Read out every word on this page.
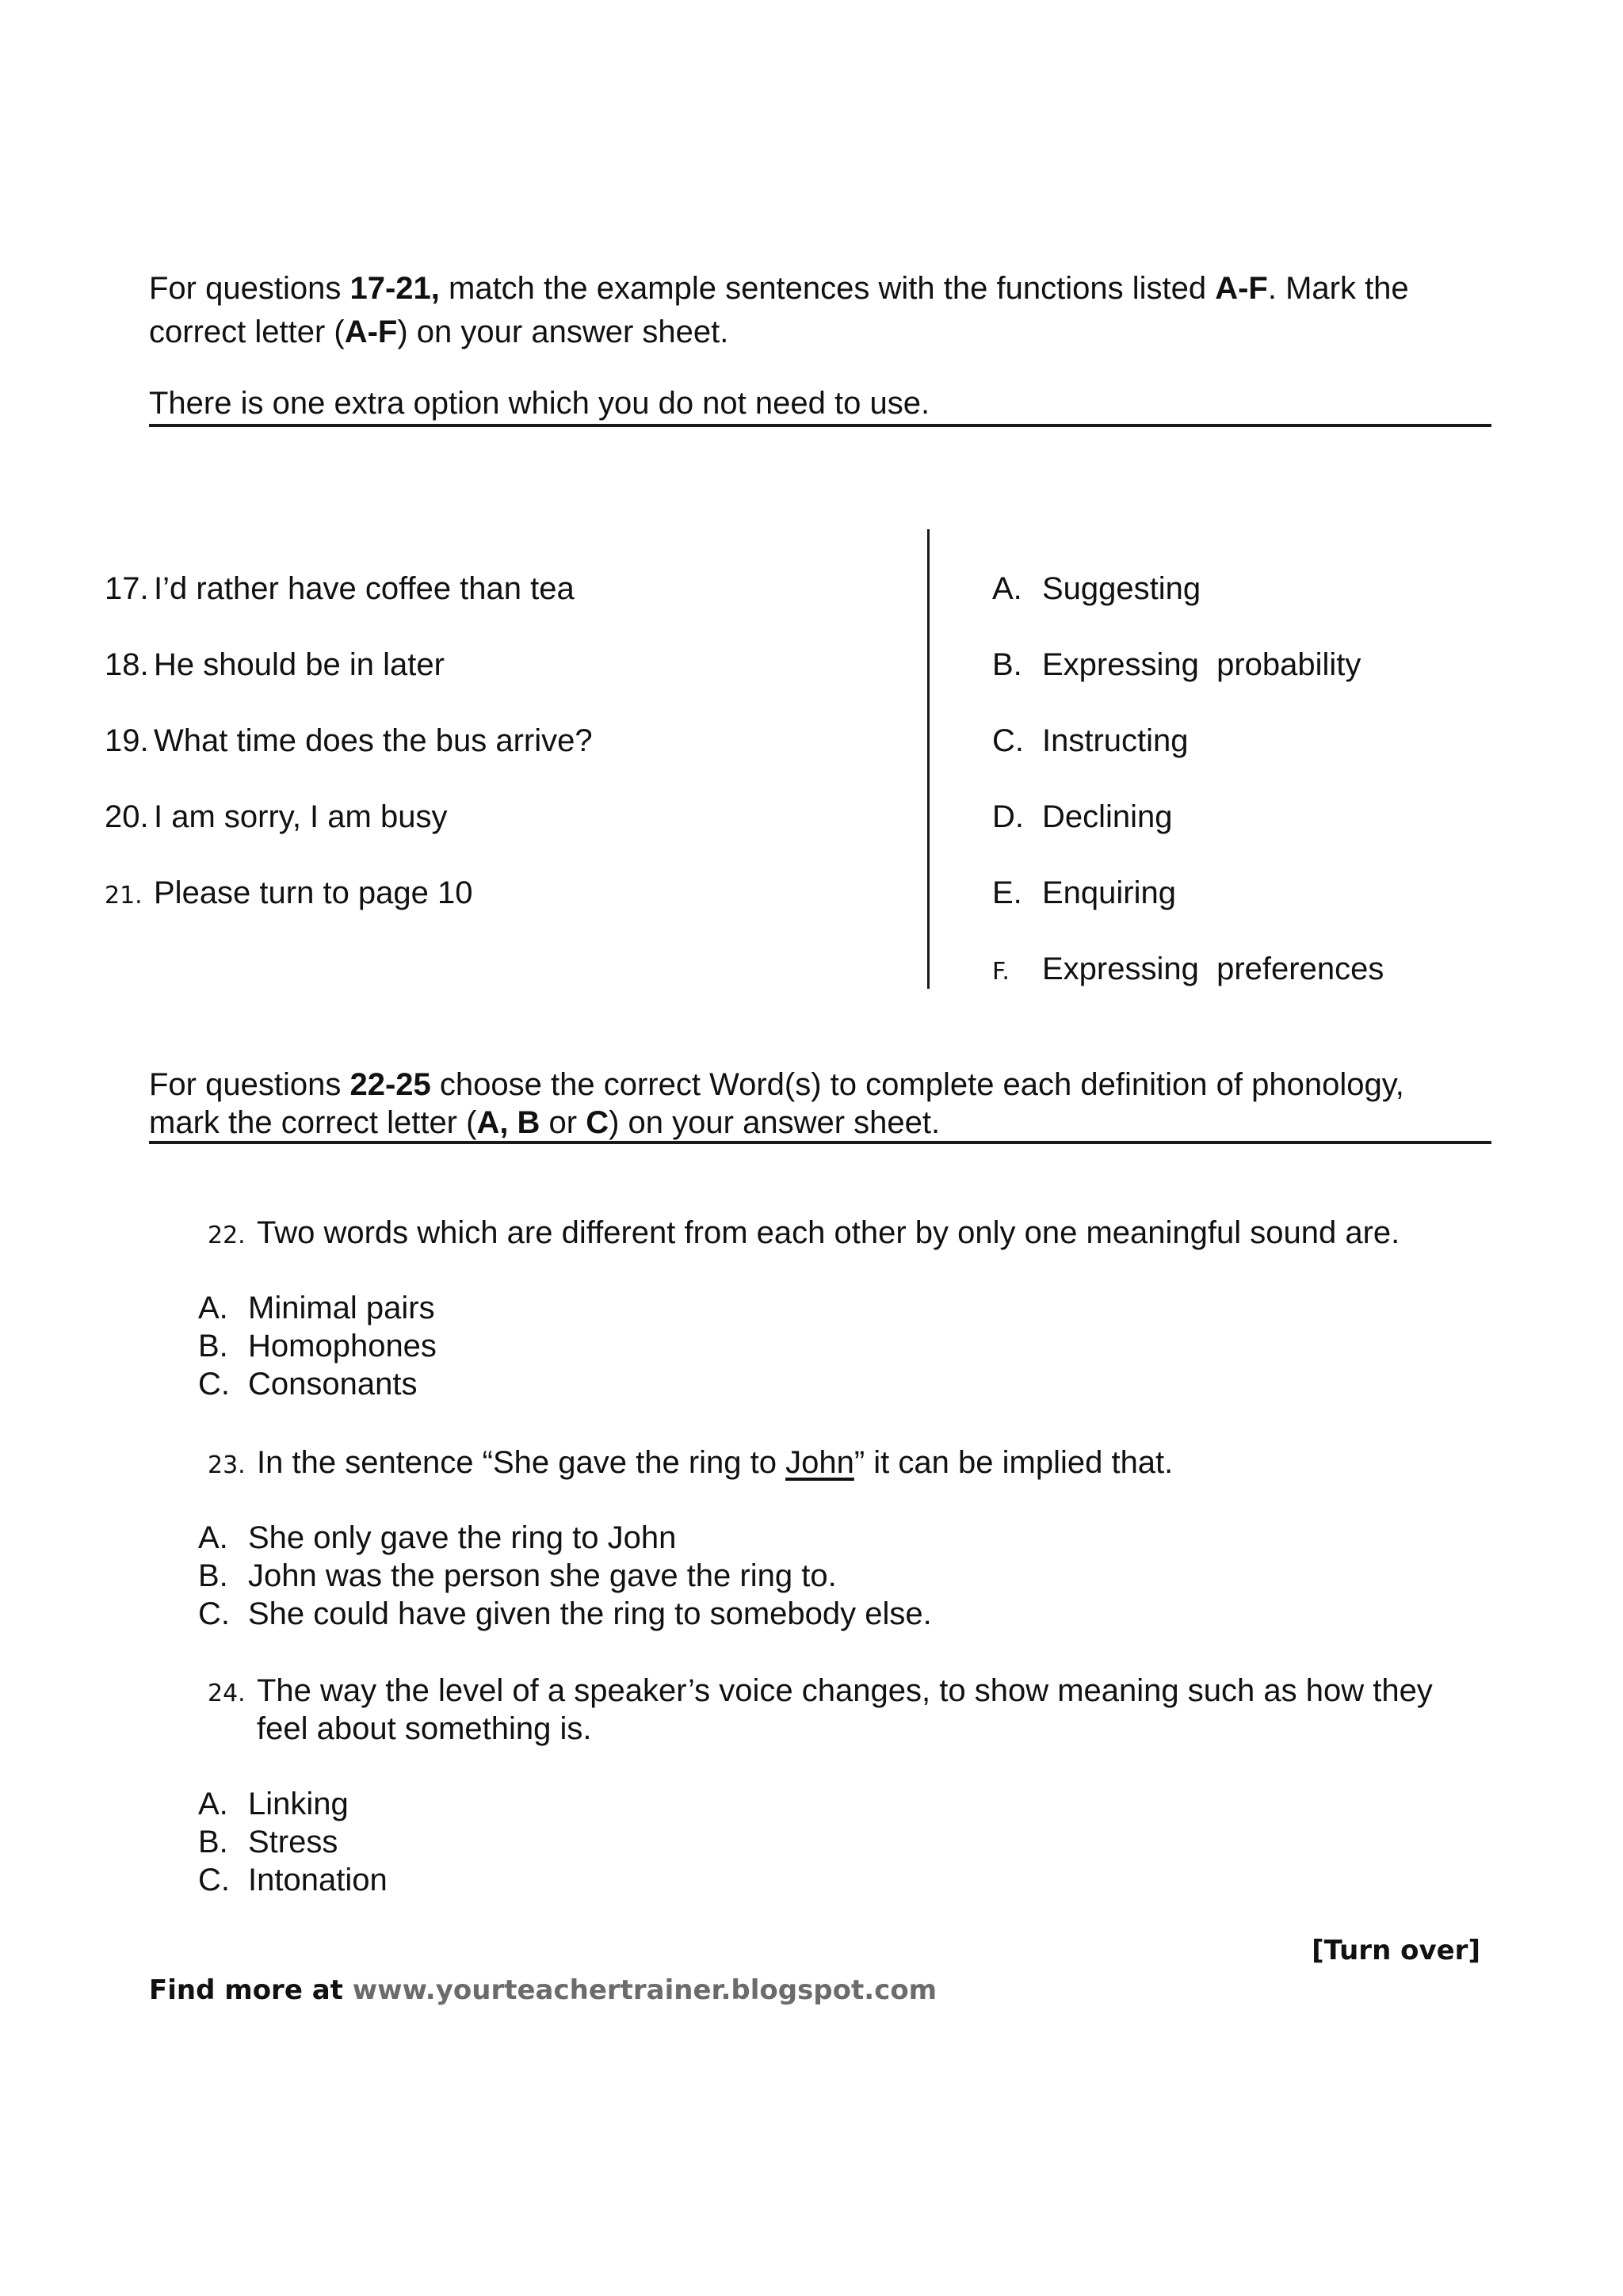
For questions 17-21, match the example sentences with the functions listed A-F. Mark the
correct letter (A-F) on your answer sheet.
There is one extra option which you do not need to use.
17. I’d rather have coffee than tea
18. He should be in later
19. What time does the bus arrive?
20. I am sorry, I am busy
21. Please turn to page 10
A. Suggesting
B. Expressing  probability
C. Instructing
D. Declining
E. Enquiring
F. Expressing  preferences
For questions 22-25 choose the correct Word(s) to complete each definition of phonology,
mark the correct letter (A, B or C) on your answer sheet.
22. Two words which are different from each other by only one meaningful sound are.
A. Minimal pairs
B. Homophones
C. Consonants
23. In the sentence “She gave the ring to John” it can be implied that.
A. She only gave the ring to John
B. John was the person she gave the ring to.
C. She could have given the ring to somebody else.
24. The way the level of a speaker’s voice changes, to show meaning such as how they
feel about something is.
A. Linking
B. Stress
C. Intonation
[Turn over]
Find more at www.yourteachertrainer.blogspot.com
